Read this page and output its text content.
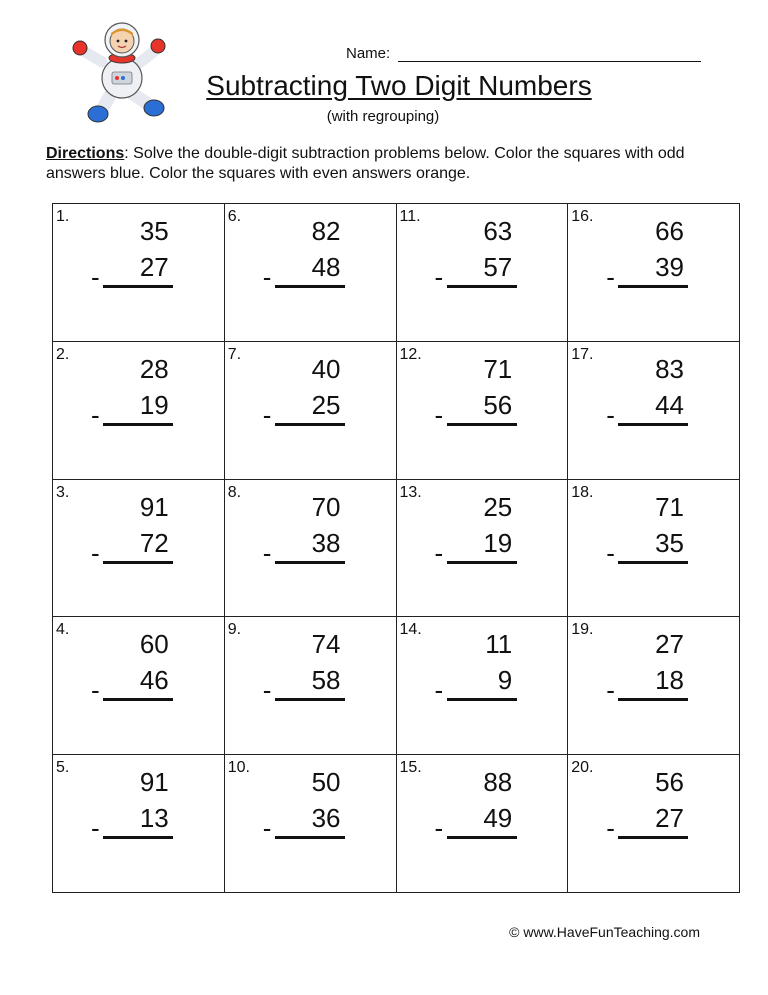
Name:
Subtracting Two Digit Numbers
(with regrouping)
Directions: Solve the double-digit subtraction problems below. Color the squares with odd answers blue. Color the squares with even answers orange.
1.	35
- 27
6.	82
- 48
11. 63
- 57
16. 66
- 39
2.	28
- 19
7.	40
- 25
12. 71
- 56
17. 83
- 44
3.	91
- 72
8.	70
- 38
13. 25
- 19
18. 71
- 35
4.	60
- 46
9.	74
- 58
14. 11
- 9
19. 27
- 18
5.	91
- 13
10. 50
- 36
15. 88
- 49
20. 56
- 27
© www.HaveFunTeaching.com
